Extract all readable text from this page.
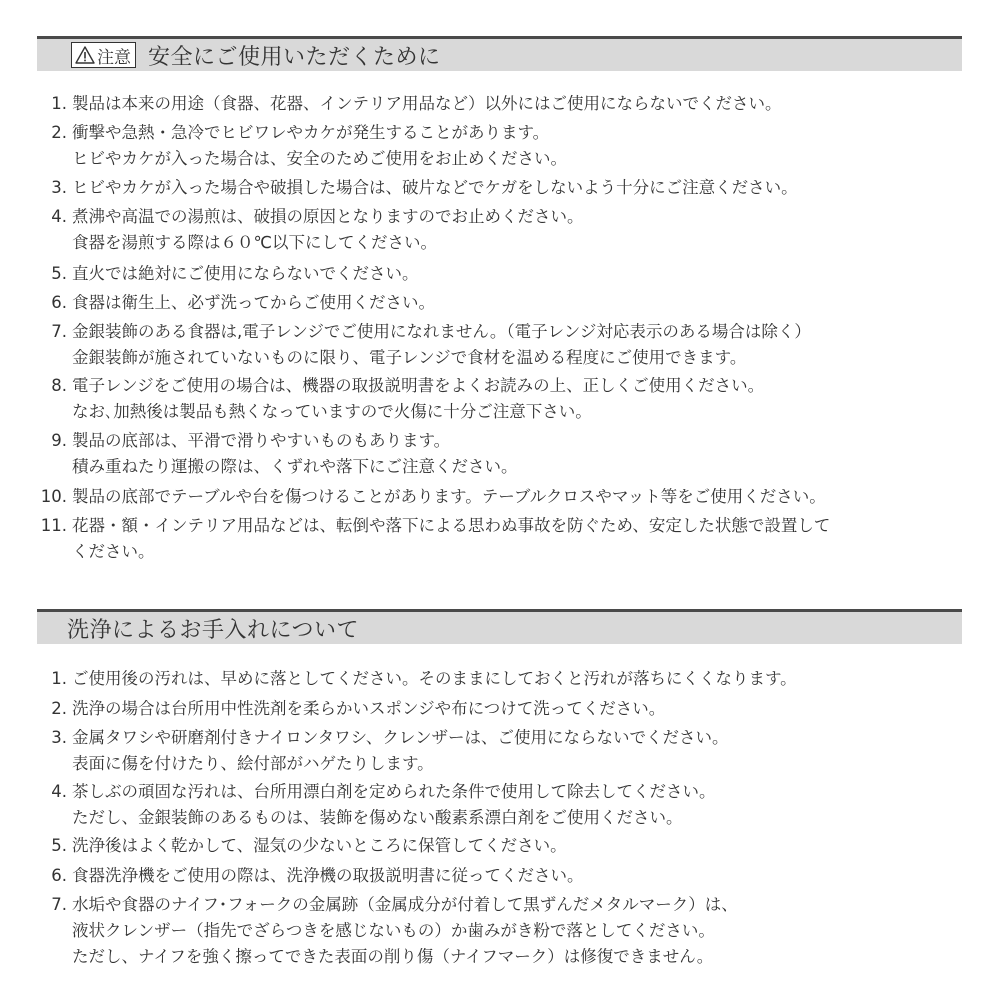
注意 安全にご使用いただくために
1. 製品は本来の用途（食器、花器、インテリア用品など）以外にはご使用にならないでください。
2. 衝撃や急熱・急冷でヒビワレやカケが発生することがあります。
ヒビやカケが入った場合は、安全のためご使用をお止めください。
3. ヒビやカケが入った場合や破損した場合は、破片などでケガをしないよう十分にご注意ください。
4. 煮沸や高温での湯煎は、破損の原因となりますのでお止めください。
食器を湯煎する際は６０℃以下にしてください。
5. 直火では絶対にご使用にならないでください。
6. 食器は衛生上、必ず洗ってからご使用ください。
7. 金銀装飾のある食器は,電子レンジでご使用になれません。（電子レンジ対応表示のある場合は除く）
金銀装飾が施されていないものに限り、電子レンジで食材を温める程度にご使用できます。
8. 電子レンジをご使用の場合は、機器の取扱説明書をよくお読みの上、正しくご使用ください。
なお､加熱後は製品も熱くなっていますので火傷に十分ご注意下さい。
9. 製品の底部は、平滑で滑りやすいものもあります。
積み重ねたり運搬の際は、くずれや落下にご注意ください。
10. 製品の底部でテーブルや台を傷つけることがあります。テーブルクロスやマット等をご使用ください。
11. 花器・額・インテリア用品などは、転倒や落下による思わぬ事故を防ぐため、安定した状態で設置して
ください。
洗浄によるお手入れについて
1. ご使用後の汚れは、早めに落としてください。そのままにしておくと汚れが落ちにくくなります。
2. 洗浄の場合は台所用中性洗剤を柔らかいスポンジや布につけて洗ってください。
3. 金属タワシや研磨剤付きナイロンタワシ、クレンザーは、ご使用にならないでください。
表面に傷を付けたり、絵付部がハゲたりします。
4. 茶しぶの頑固な汚れは、台所用漂白剤を定められた条件で使用して除去してください。
ただし、金銀装飾のあるものは、装飾を傷めない酸素系漂白剤をご使用ください。
5. 洗浄後はよく乾かして、湿気の少ないところに保管してください。
6. 食器洗浄機をご使用の際は、洗浄機の取扱説明書に従ってください。
7. 水垢や食器のナイフ･フォークの金属跡（金属成分が付着して黒ずんだメタルマーク）は、
液状クレンザー（指先でざらつきを感じないもの）か歯みがき粉で落としてください。
ただし、ナイフを強く擦ってできた表面の削り傷（ナイフマーク）は修復できません。
